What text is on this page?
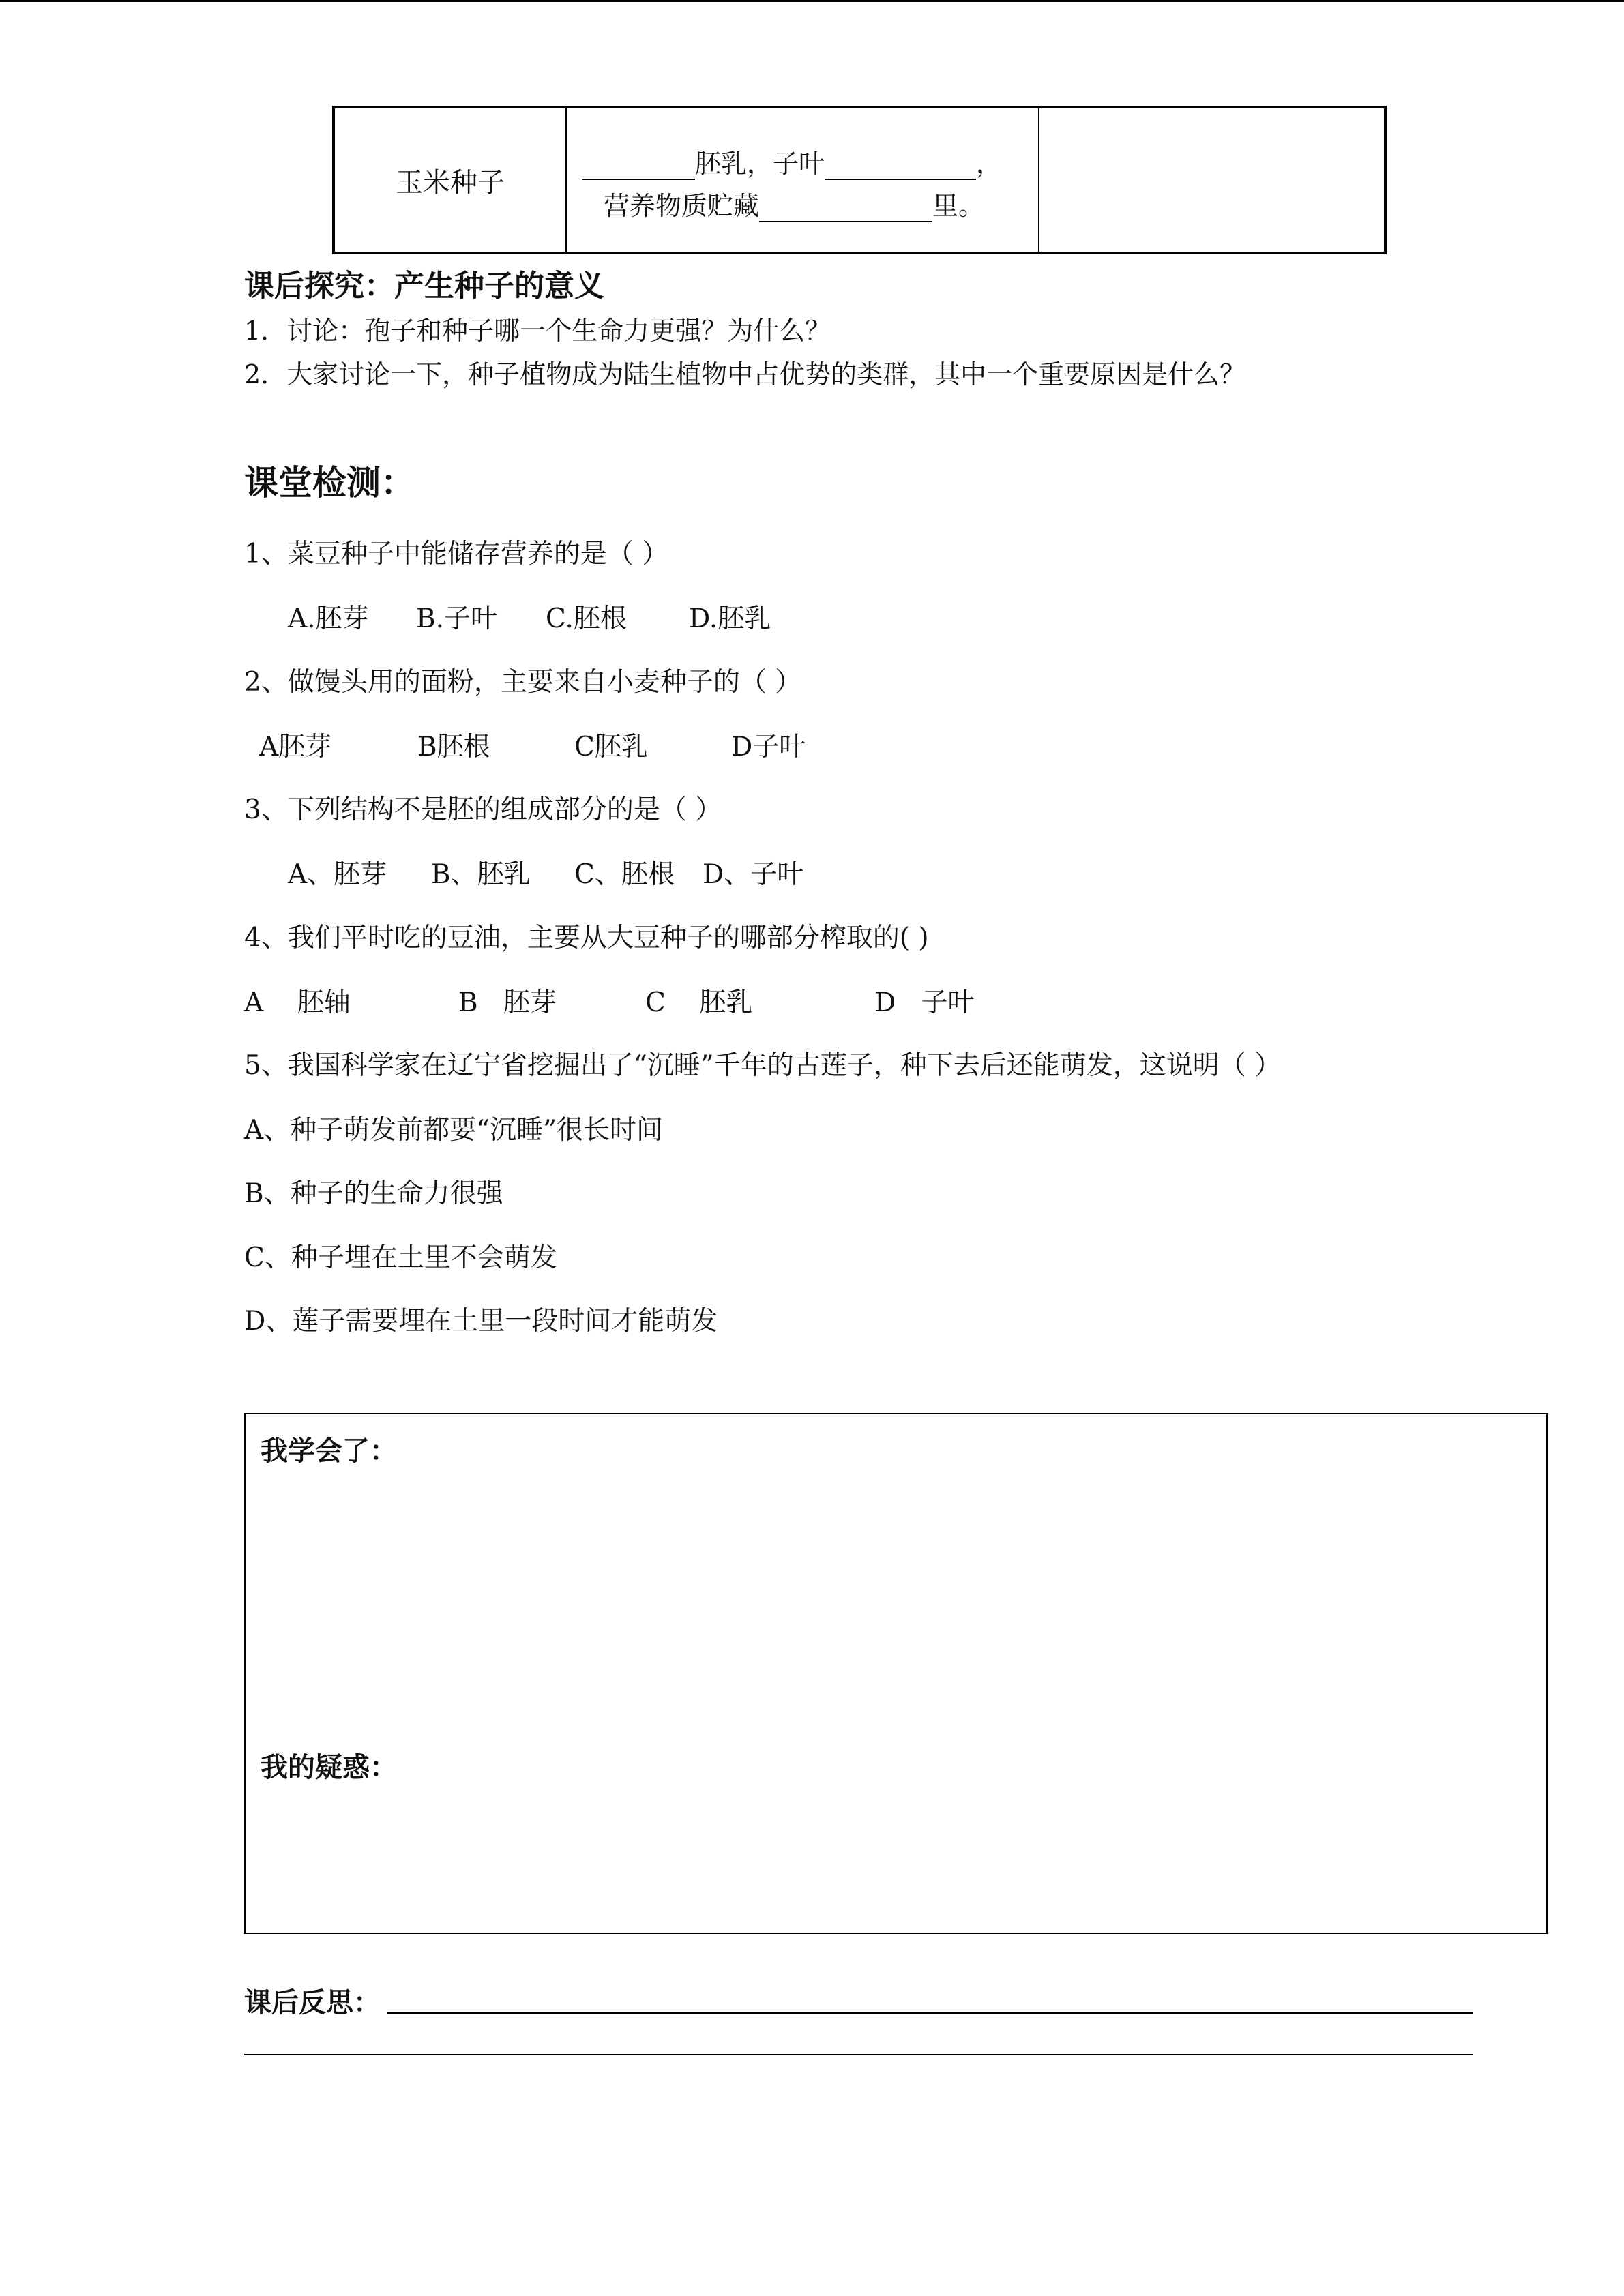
玉米种子
胚乳，子叶	，
营养物质贮藏	里。
课后探究：产生种子的意义
1．讨论：孢子和种子哪一个生命力更强？为什么？
2．大家讨论一下，种子植物成为陆生植物中占优势的类群，其中一个重要原因是什么？
课堂检测：
1、菜豆种子中能储存营养的是（ ）
A.胚芽 B.子叶 C.胚根 D.胚乳
2、做馒头用的面粉，主要来自小麦种子的（ ）
A胚芽	B胚根	C胚乳	D子叶
3、下列结构不是胚的组成部分的是（ ）
A、胚芽 B、胚乳 C、胚根 D、子叶
4、我们平时吃的豆油，主要从大豆种子的哪部分榨取的( )
A    胚轴	B   胚芽	C    胚乳	D   子叶
5、我国科学家在辽宁省挖掘出了“沉睡”千年的古莲子，种下去后还能萌发，这说明（ ）
A、种子萌发前都要“沉睡”很长时间
B、种子的生命力很强
C、种子埋在土里不会萌发
D、莲子需要埋在土里一段时间才能萌发
我学会了：
我的疑惑：
课后反思：
